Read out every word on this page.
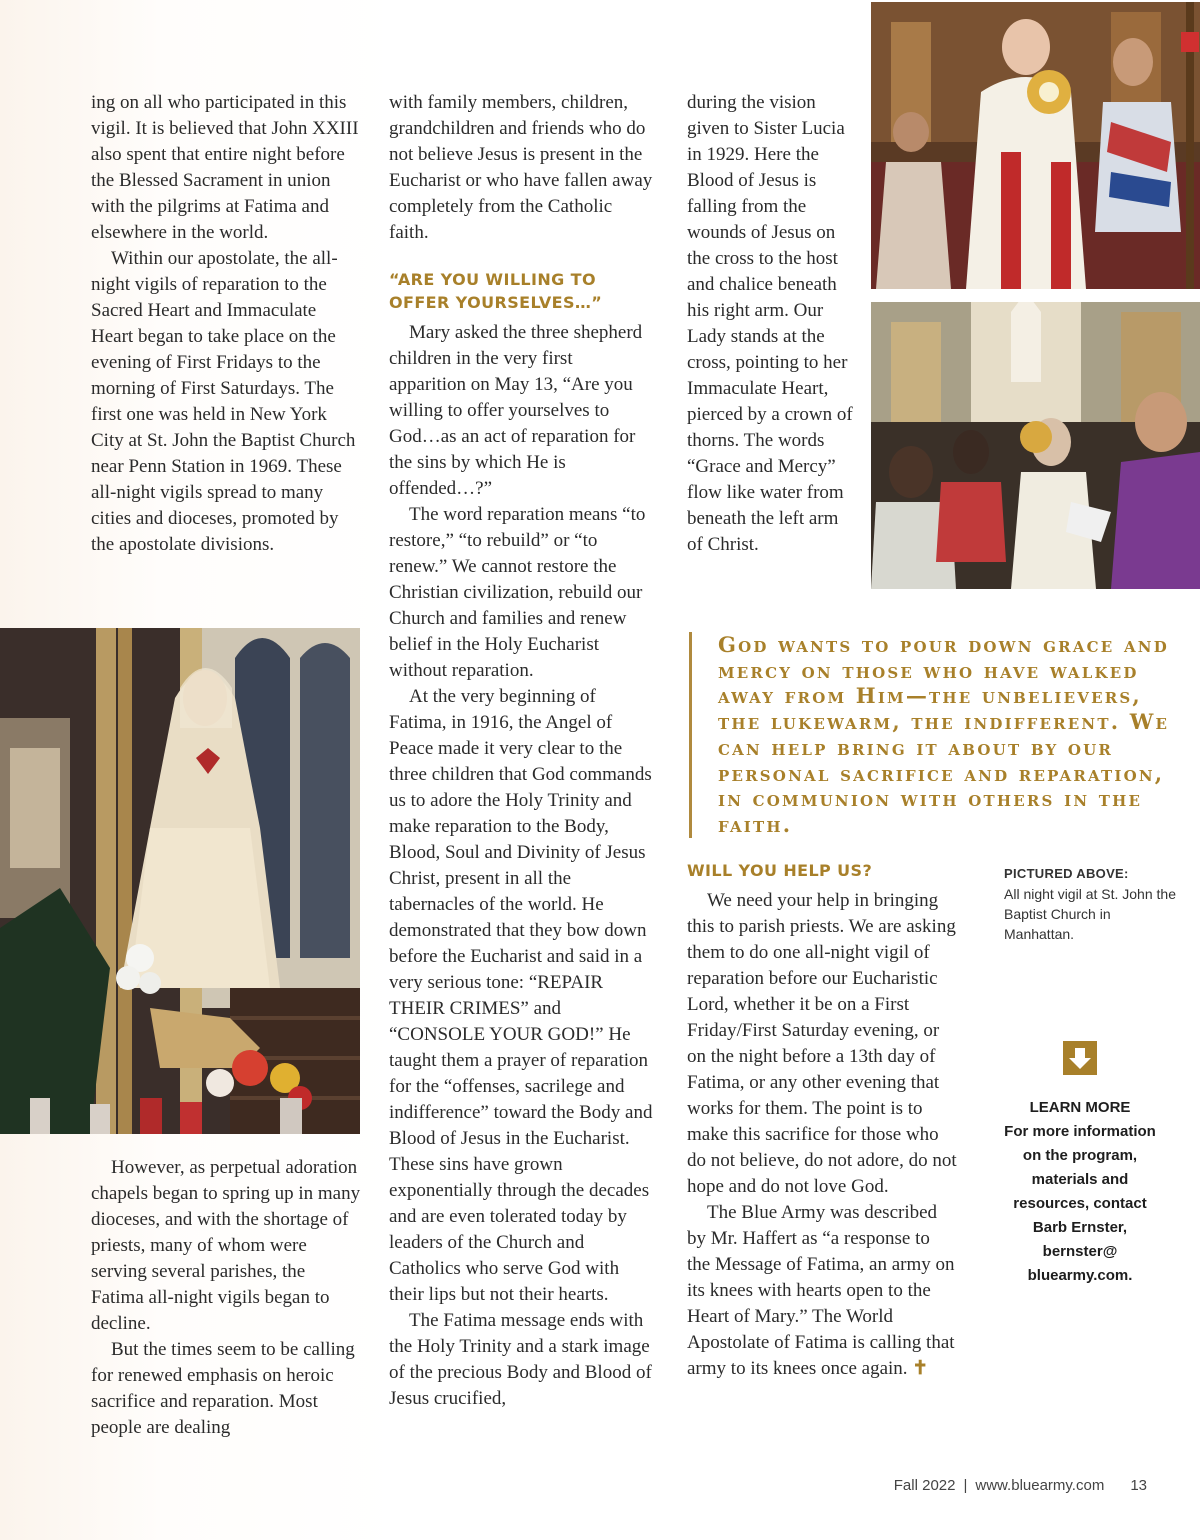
ing on all who participated in this vigil. It is believed that John XXIII also spent that entire night before the Blessed Sacrament in union with the pilgrims at Fatima and elsewhere in the world.

Within our apostolate, the all-night vigils of reparation to the Sacred Heart and Immaculate Heart began to take place on the evening of First Fridays to the morning of First Saturdays. The first one was held in New York City at St. John the Baptist Church near Penn Station in 1969. These all-night vigils spread to many cities and dioceses, promoted by the apostolate divisions.

However, as perpetual adoration chapels began to spring up in many dioceses, and with the shortage of priests, many of whom were serving several parishes, the Fatima all-night vigils began to decline.

But the times seem to be calling for renewed emphasis on heroic sacrifice and reparation. Most people are dealing

with family members, children, grandchildren and friends who do not believe Jesus is present in the Eucharist or who have fallen away completely from the Catholic faith.

“ARE YOU WILLING TO OFFER YOURSELVES…”

Mary asked the three shepherd children in the very first apparition on May 13, “Are you willing to offer yourselves to God…as an act of reparation for the sins by which He is offended…?”

The word reparation means “to restore,” “to rebuild” or “to renew.” We cannot restore the Christian civilization, rebuild our Church and families and renew belief in the Holy Eucharist without reparation.

At the very beginning of Fatima, in 1916, the Angel of Peace made it very clear to the three children that God commands us to adore the Holy Trinity and make reparation to the Body, Blood, Soul and Divinity of Jesus Christ, present in all the tabernacles of the world. He demonstrated that they bow down before the Eucharist and said in a very serious tone: “REPAIR THEIR CRIMES” and “CONSOLE YOUR GOD!” He taught them a prayer of reparation for the “offenses, sacrilege and indifference” toward the Body and Blood of Jesus in the Eucharist. These sins have grown exponentially through the decades and are even tolerated today by leaders of the Church and Catholics who serve God with their lips but not their hearts.

The Fatima message ends with the Holy Trinity and a stark image of the precious Body and Blood of Jesus crucified,

during the vision given to Sister Lucia in 1929. Here the Blood of Jesus is falling from the wounds of Jesus on the cross to the host and chalice beneath his right arm. Our Lady stands at the cross, pointing to her Immaculate Heart, pierced by a crown of thorns. The words “Grace and Mercy” flow like water from beneath the left arm of Christ.

God wants to pour down grace and mercy on those who have walked away from Him—the unbelievers, the lukewarm, the indifferent. We can help bring it about by our personal sacrifice and reparation, in communion with others in the faith.

WILL YOU HELP US?

We need your help in bringing this to parish priests. We are asking them to do one all-night vigil of reparation before our Eucharistic Lord, whether it be on a First Friday/First Saturday evening, or on the night before a 13th day of Fatima, or any other evening that works for them. The point is to make this sacrifice for those who do not believe, do not adore, do not hope and do not love God.

The Blue Army was described by Mr. Haffert as “a response to the Message of Fatima, an army on its knees with hearts open to the Heart of Mary.” The World Apostolate of Fatima is calling that army to its knees once again. ✝

PICTURED ABOVE:
All night vigil at St. John the Baptist Church in Manhattan.
LEARN MORE
For more information on the program, materials and resources, contact Barb Ernster, bernster@ bluearmy.com.
Fall 2022 | www.bluearmy.com 13
